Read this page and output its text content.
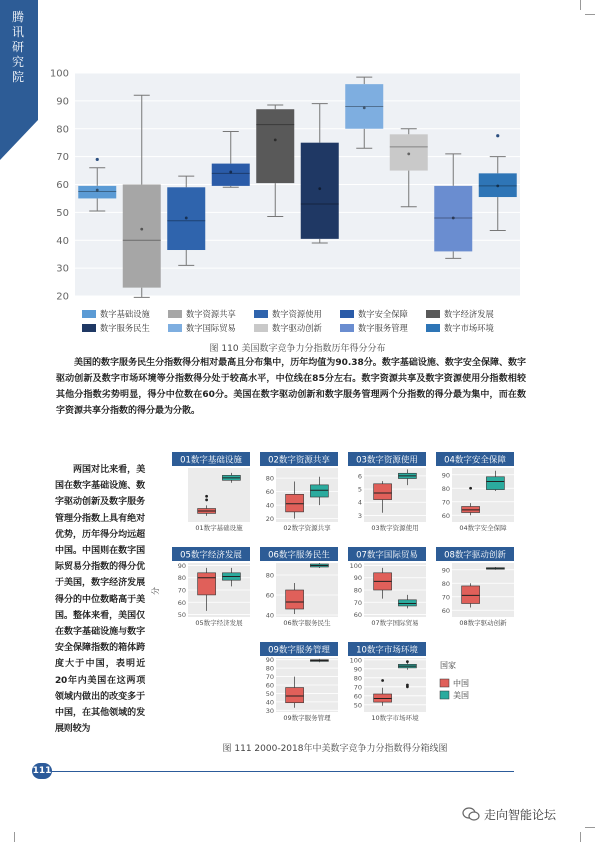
腾讯研究院
20
30
40
50
60
70
80
90
100
数字基础设施	数字资源共享	数字资源使用	数字安全保障	数字经济发展
数字服务民生	数字国际贸易	数字驱动创新	数字服务管理	数字市场环境
图 110 美国数字竞争力分指数历年得分分布
美国的数字服务民生分指数得分相对最高且分布集中，历年均值为90.38分。数字基础设施、数字安全保障、数字驱动创新及数字市场环境等分指数得分处于较高水平，中位线在85分左右。数字资源共享及数字资源使用分指数相较其他分指数劣势明显，得分中位数在60分。美国在数字驱动创新和数字服务管理两个分指数的得分最为集中，而在数字资源共享分指数的得分最为分散。
两国对比来看，美国在数字基础设施、数字驱动创新及数字服务管理分指数上具有绝对优势，历年得分均远超中国。中国则在数字国际贸易分指数的得分优于美国，数字经济发展得分的中位数略高于美国。整体来看，美国仅在数字基础设施与数字安全保障指数的箱体跨度大于中国，表明近20年内美国在这两项领域内做出的改变多于中国，在其他领域的发展则较为
01数字基础设施
01数字基础设施
02数字资源共享
20
40
60
80
02数字资源共享
03数字资源使用
3
4
5
6
03数字资源使用
04数字安全保障
60
70
80
90
04数字安全保障
05数字经济发展
50
60
70
80
90
05数字经济发展
06数字服务民生
40
60
80
06数字服务民生
07数字国际贸易
60
70
80
90
100
07数字国际贸易
08数字驱动创新
60
70
80
90
08数字驱动创新
09数字服务管理
30
40
50
60
70
80
90
09数字服务管理
10数字市场环境
50
60
70
80
90
100
10数字市场环境
分
国家
中国
美国
图 111 2000-2018年中美数字竞争力分指数得分箱线图
111
走向智能论坛
